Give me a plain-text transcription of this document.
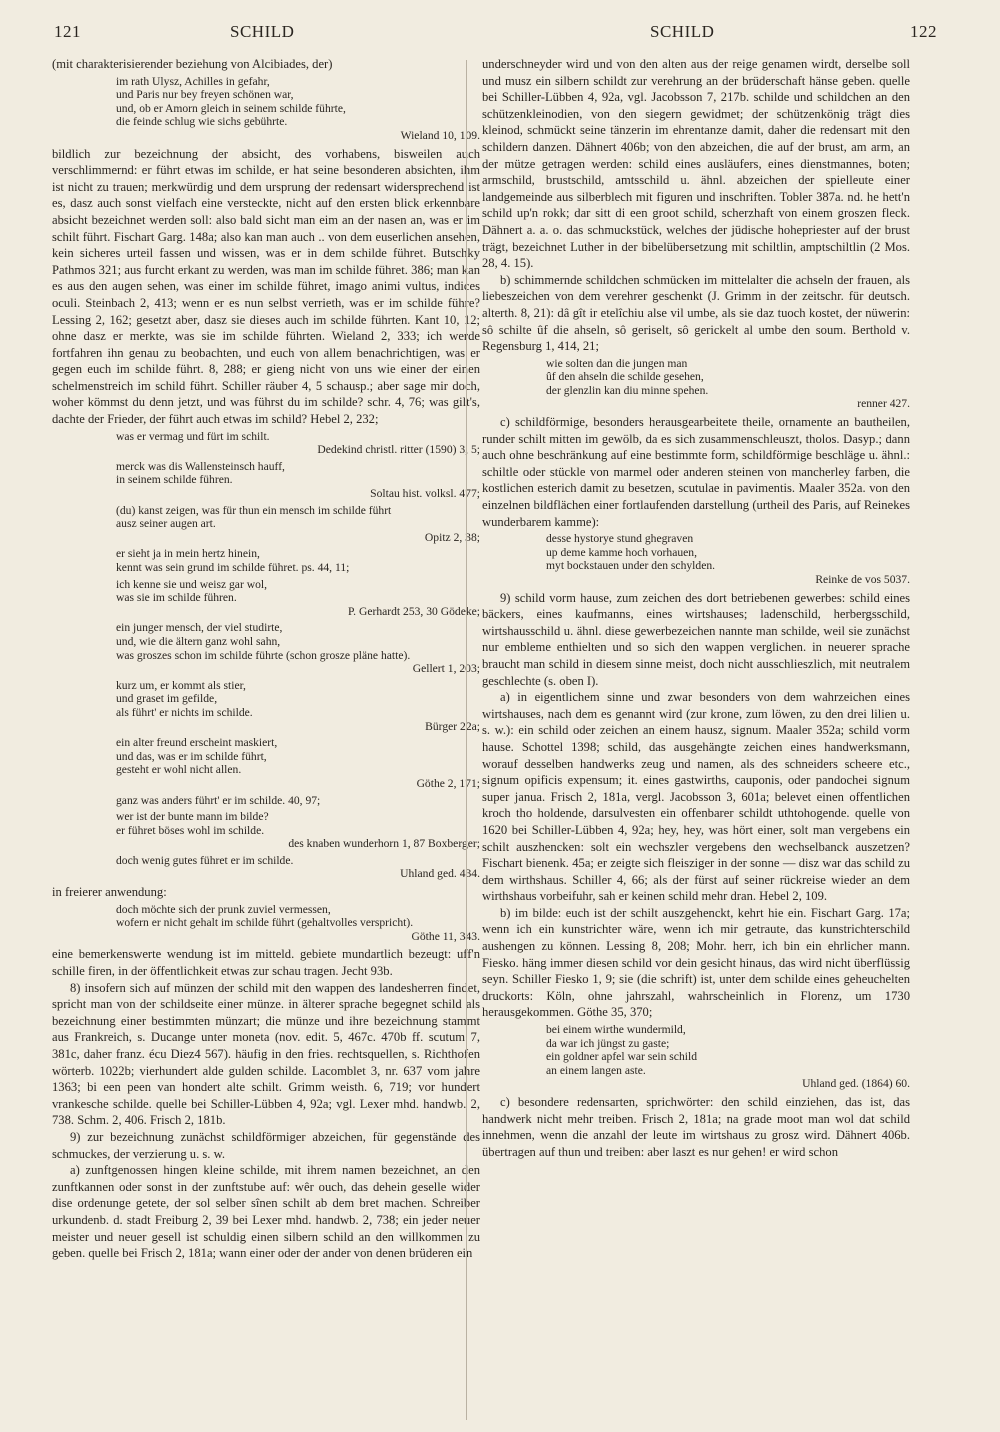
121	SCHILD	SCHILD	122

(mit charakterisierender beziehung von Alcibiades, der)

im rath Ulysz, Achilles in gefahr,
und Paris nur bey freyen schönen war,
und, ob er Amorn gleich in seinem schilde führte,
die feinde schlug wie sichs gebührte.
Wieland 10, 109.

bildlich zur bezeichnung der absicht, des vorhabens, bisweilen auch verschlimmernd: er führt etwas im schilde, er hat seine besonderen absichten, ihm ist nicht zu trauen; merkwürdig und dem ursprung der redensart widersprechend ist es, dasz auch sonst vielfach eine versteckte, nicht auf den ersten blick erkennbare absicht bezeichnet werden soll: also bald sicht man eim an der nasen an, was er im schilt führt. Fischart Garg. 148a; also kan man auch .. von dem euserlichen ansehen, kein sicheres urteil fassen und wissen, was er in dem schilde führet. Butschky Pathmos 321; aus furcht erkant zu werden, was man im schilde führet. 386; man kan es aus den augen sehen, was einer im schilde führet, imago animi vultus, indices oculi. Steinbach 2, 413; wenn er es nun selbst verrieth, was er im schilde führe? Lessing 2, 162; gesetzt aber, dasz sie dieses auch im schilde führten. Kant 10, 12; ohne dasz er merkte, was sie im schilde führten. Wieland 2, 333; ich werde fortfahren ihn genau zu beobachten, und euch von allem benachrichtigen, was er gegen euch im schilde führt. 8, 288; er gieng nicht von uns wie einer der einen schelmenstreich im schild führt. Schiller räuber 4, 5 schausp.; aber sage mir doch, woher kömmst du denn jetzt, und was führst du im schilde? schr. 4, 76; was gilt's, dachte der Frieder, der führt auch etwas im schild? Hebel 2, 232;

was er vermag und fürt im schilt.
Dedekind christl. ritter (1590) 3, 5;
merck was dis Wallensteinsch hauff,
in seinem schilde führen.
Soltau hist. volksl. 477;
(du) kanst zeigen, was für thun ein mensch im schilde führt
ausz seiner augen art.
Opitz 2, 38;
er sieht ja in mein hertz hinein,
kennt was sein grund im schilde führet. ps. 44, 11;
ich kenne sie und weisz gar wol,
was sie im schilde führen.
P. Gerhardt 253, 30 Gödeke;
ein junger mensch, der viel studirte,
und, wie die ältern ganz wohl sahn,
was groszes schon im schilde führte (schon grosze pläne hatte).
Gellert 1, 203;
kurz um, er kommt als stier,
und graset im gefilde,
als führt' er nichts im schilde.
Bürger 22a;
ein alter freund erscheint maskiert,
und das, was er im schilde führt,
gesteht er wohl nicht allen.
Göthe 2, 171;
ganz was anders führt' er im schilde. 40, 97;
wer ist der bunte mann im bilde?
er führet böses wohl im schilde.
des knaben wunderhorn 1, 87 Boxberger;
doch wenig gutes führet er im schilde.
Uhland ged. 434.

in freierer anwendung:

doch möchte sich der prunk zuviel vermessen,
wofern er nicht gehalt im schilde führt (gehaltvolles verspricht).
Göthe 11, 343.

eine bemerkenswerte wendung ist im mitteld. gebiete mundartlich bezeugt: uff'n schille firen, in der öffentlichkeit etwas zur schau tragen. Jecht 93b.

8) insofern sich auf münzen der schild mit den wappen des landesherren findet, spricht man von der schildseite einer münze. in älterer sprache begegnet schild als bezeichnung einer bestimmten münzart; die münze und ihre bezeichnung stammt aus Frankreich, s. Ducange unter moneta (nov. edit. 5, 467c. 470b ff. scutum 7, 381c, daher franz. écu Diez4 567). häufig in den fries. rechtsquellen, s. Richthofen wörterb. 1022b; vierhundert alde gulden schilde. Lacomblet 3, nr. 637 vom jahre 1363; bi een peen van hondert alte schilt. Grimm weisth. 6, 719; vor hundert vrankesche schilde. quelle bei Schiller-Lübben 4, 92a; vgl. Lexer mhd. handwb. 2, 738. Schm. 2, 406. Frisch 2, 181b.

9) zur bezeichnung zunächst schildförmiger abzeichen, für gegenstände des schmuckes, der verzierung u. s. w.

a) zunftgenossen hingen kleine schilde, mit ihrem namen bezeichnet, an den zunftkannen oder sonst in der zunftstube auf: wêr ouch, das dehein geselle wider dise ordenunge getete, der sol selber sînen schilt ab dem bret machen. Schreiber urkundenb. d. stadt Freiburg 2, 39 bei Lexer mhd. handwb. 2, 738; ein jeder neuer meister und neuer gesell ist schuldig einen silbern schild an den willkommen zu geben. quelle bei Frisch 2, 181a; wann einer oder der ander von denen brüderen ein

underschneyder wird und von den alten aus der reige genamen wirdt, derselbe soll und musz ein silbern schildt zur verehrung an der brüderschaft hänse geben. quelle bei Schiller-Lübben 4, 92a, vgl. Jacobsson 7, 217b. schilde und schildchen an den schützenkleinodien, von den siegern gewidmet; der schützenkönig trägt dies kleinod, schmückt seine tänzerin im ehrentanze damit, daher die redensart mit den schildern danzen. Dähnert 406b; von den abzeichen, die auf der brust, am arm, an der mütze getragen werden: schild eines ausläufers, eines dienstmannes, boten; armschild, brustschild, amtsschild u. ähnl. abzeichen der spielleute einer landgemeinde aus silberblech mit figuren und inschriften. Tobler 387a. nd. he hett'n schild up'n rokk; dar sitt di een groot schild, scherzhaft von einem groszen fleck. Dähnert a. a. o. das schmuckstück, welches der jüdische hohepriester auf der brust trägt, bezeichnet Luther in der bibelübersetzung mit schiltlin, amptschiltlin (2 Mos. 28, 4. 15).

b) schimmernde schildchen schmücken im mittelalter die achseln der frauen, als liebeszeichen von dem verehrer geschenkt (J. Grimm in der zeitschr. für deutsch. alterth. 8, 21): dâ gît ir etelîchiu alse vil umbe, als sie daz tuoch kostet, der nüwerin: sô schilte ûf die ahseln, sô geriselt, sô gerickelt al umbe den soum. Berthold v. Regensburg 1, 414, 21;

wie solten dan die jungen man
ûf den ahseln die schilde gesehen,
der glenzlin kan diu minne spehen.
renner 427.

c) schildförmige, besonders herausgearbeitete theile, ornamente an bautheilen, runder schilt mitten im gewölb, da es sich zusammenschleuszt, tholos. Dasyp.; dann auch ohne beschränkung auf eine bestimmte form, schildförmige beschläge u. ähnl.: schiltle oder stückle von marmel oder anderen steinen von mancherley farben, die kostlichen esterich damit zu besetzen, scutulae in pavimentis. Maaler 352a. von den einzelnen bildflächen einer fortlaufenden darstellung (urtheil des Paris, auf Reinekes wunderbarem kamme):

desse hystorye stund ghegraven
up deme kamme hoch vorhauen,
myt bockstauen under den schylden.
Reinke de vos 5037.

9) schild vorm hause, zum zeichen des dort betriebenen gewerbes: schild eines bäckers, eines kaufmanns, eines wirtshauses; ladenschild, herbergsschild, wirtshausschild u. ähnl. diese gewerbezeichen nannte man schilde, weil sie zunächst nur embleme enthielten und so sich den wappen verglichen. in neuerer sprache braucht man schild in diesem sinne meist, doch nicht ausschlieszlich, mit neutralem geschlechte (s. oben I).

a) in eigentlichem sinne und zwar besonders von dem wahrzeichen eines wirtshauses, nach dem es genannt wird (zur krone, zum löwen, zu den drei lilien u. s. w.): ein schild oder zeichen an einem hausz, signum. Maaler 352a; schild vorm hause. Schottel 1398; schild, das ausgehängte zeichen eines handwerksmann, worauf desselben handwerks zeug und namen, als des schneiders scheere etc., signum opificis expensum; it. eines gastwirths, cauponis, oder pandochei signum super janua. Frisch 2, 181a, vergl. Jacobsson 3, 601a; belevet einen offentlichen kroch tho holdende, darsulvesten ein offenbarer schildt uthtohogende. quelle von 1620 bei Schiller-Lübben 4, 92a; hey, hey, was hört einer, solt man vergebens ein schilt auszhencken: solt ein wechszler vergebens den wechselbanck auszetzen? Fischart bienenk. 45a; er zeigte sich fleisziger in der sonne — disz war das schild zu dem wirthshaus. Schiller 4, 66; als der fürst auf seiner rückreise wieder an dem wirthshaus vorbeifuhr, sah er keinen schild mehr dran. Hebel 2, 109.

b) im bilde: euch ist der schilt auszgehenckt, kehrt hie ein. Fischart Garg. 17a; wenn ich ein kunstrichter wäre, wenn ich mir getraute, das kunstrichterschild aushengen zu können. Lessing 8, 208; Mohr. herr, ich bin ein ehrlicher mann. Fiesko. häng immer diesen schild vor dein gesicht hinaus, das wird nicht überflüssig seyn. Schiller Fiesko 1, 9; sie (die schrift) ist, unter dem schilde eines geheuchelten druckorts: Köln, ohne jahrszahl, wahrscheinlich in Florenz, um 1730 herausgekommen. Göthe 35, 370;

bei einem wirthe wundermild,
da war ich jüngst zu gaste;
ein goldner apfel war sein schild
an einem langen aste.
Uhland ged. (1864) 60.

c) besondere redensarten, sprichwörter: den schild einziehen, das ist, das handwerk nicht mehr treiben. Frisch 2, 181a; na grade moot man wol dat schild innehmen, wenn die anzahl der leute im wirtshaus zu grosz wird. Dähnert 406b. übertragen auf thun und treiben: aber laszt es nur gehen! er wird schon
